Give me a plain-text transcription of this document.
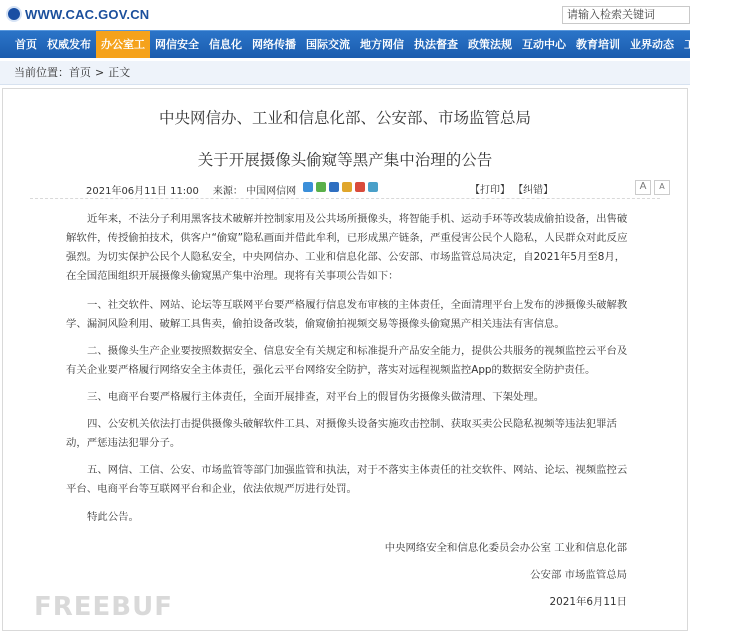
WWW.CAC.GOV.CN	请输入检索关键词
首页 权威发布 办公室工 网信安全 信息化 网络传播 国际交流 地方网信 执法督查 政策法规 互动中心 教育培训 业界动态 工作专题
当前位置：首页 > 正文
中央网信办、工业和信息化部、公安部、市场监管总局
关于开展摄像头偷窥等黑产集中治理的公告
2021年06月11日 11:00 来源： 中国网信网	【打印】 【纠错】	A A

近年来，不法分子利用黑客技术破解并控制家用及公共场所摄像头，将智能手机、运动手环等改装成偷拍设备，出售破解软件，传授偷拍技术，供客户“偷窥”隐私画面并借此牟利，已形成黑产链条，严重侵害公民个人隐私，人民群众对此反应强烈。为切实保护公民个人隐私安全，中央网信办、工业和信息化部、公安部、市场监管总局决定，自2021年5月至8月，在全国范围组织开展摄像头偷窥黑产集中治理。现将有关事项公告如下：

一、社交软件、网站、论坛等互联网平台要严格履行信息发布审核的主体责任，全面清理平台上发布的涉摄像头破解教学、漏洞风险利用、破解工具售卖，偷拍设备改装，偷窥偷拍视频交易等摄像头偷窥黑产相关违法有害信息。

二、摄像头生产企业要按照数据安全、信息安全有关规定和标准提升产品安全能力，提供公共服务的视频监控云平台及有关企业要严格履行网络安全主体责任，强化云平台网络安全防护，落实对远程视频监控App的数据安全防护责任。

三、电商平台要严格履行主体责任，全面开展排查，对平台上的假冒伪劣摄像头做清理、下架处理。

四、公安机关依法打击提供摄像头破解软件工具、对摄像头设备实施攻击控制、获取买卖公民隐私视频等违法犯罪活动，严惩违法犯罪分子。

五、网信、工信、公安、市场监管等部门加强监管和执法，对于不落实主体责任的社交软件、网站、论坛、视频监控云平台、电商平台等互联网平台和企业，依法依规严厉进行处罚。

特此公告。

中央网络安全和信息化委员会办公室 工业和信息化部
公安部 市场监管总局
2021年6月11日
FREEBUF
